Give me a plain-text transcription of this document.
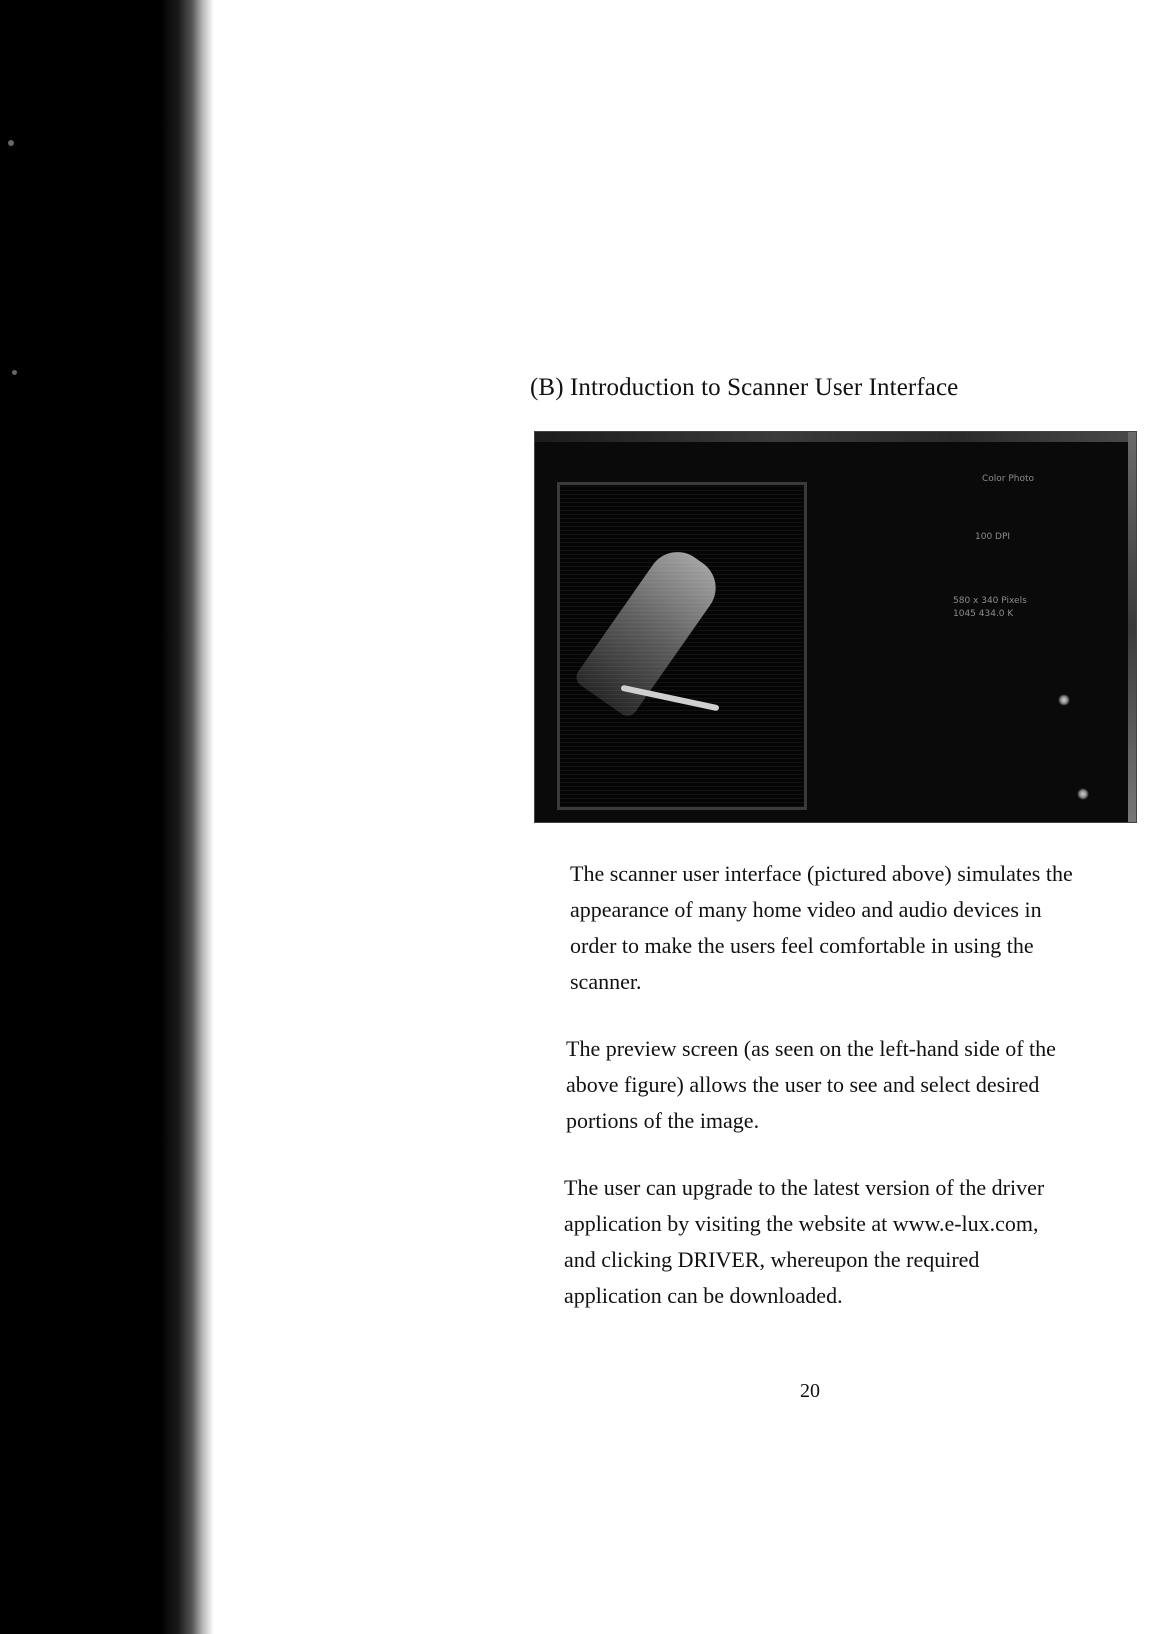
(B) Introduction to Scanner User Interface
Color Photo
100 DPI
580 x 340 Pixels
1045 434.0 K

The scanner user interface (pictured above) simulates the
appearance of many home video and audio devices in
order to make the users feel comfortable in using the
scanner.

The preview screen (as seen on the left-hand side of the
above figure) allows the user to see and select desired
portions of the image.

The user can upgrade to the latest version of the driver
application by visiting the website at www.e-lux.com,
and clicking DRIVER, whereupon the required
application can be downloaded.

20
